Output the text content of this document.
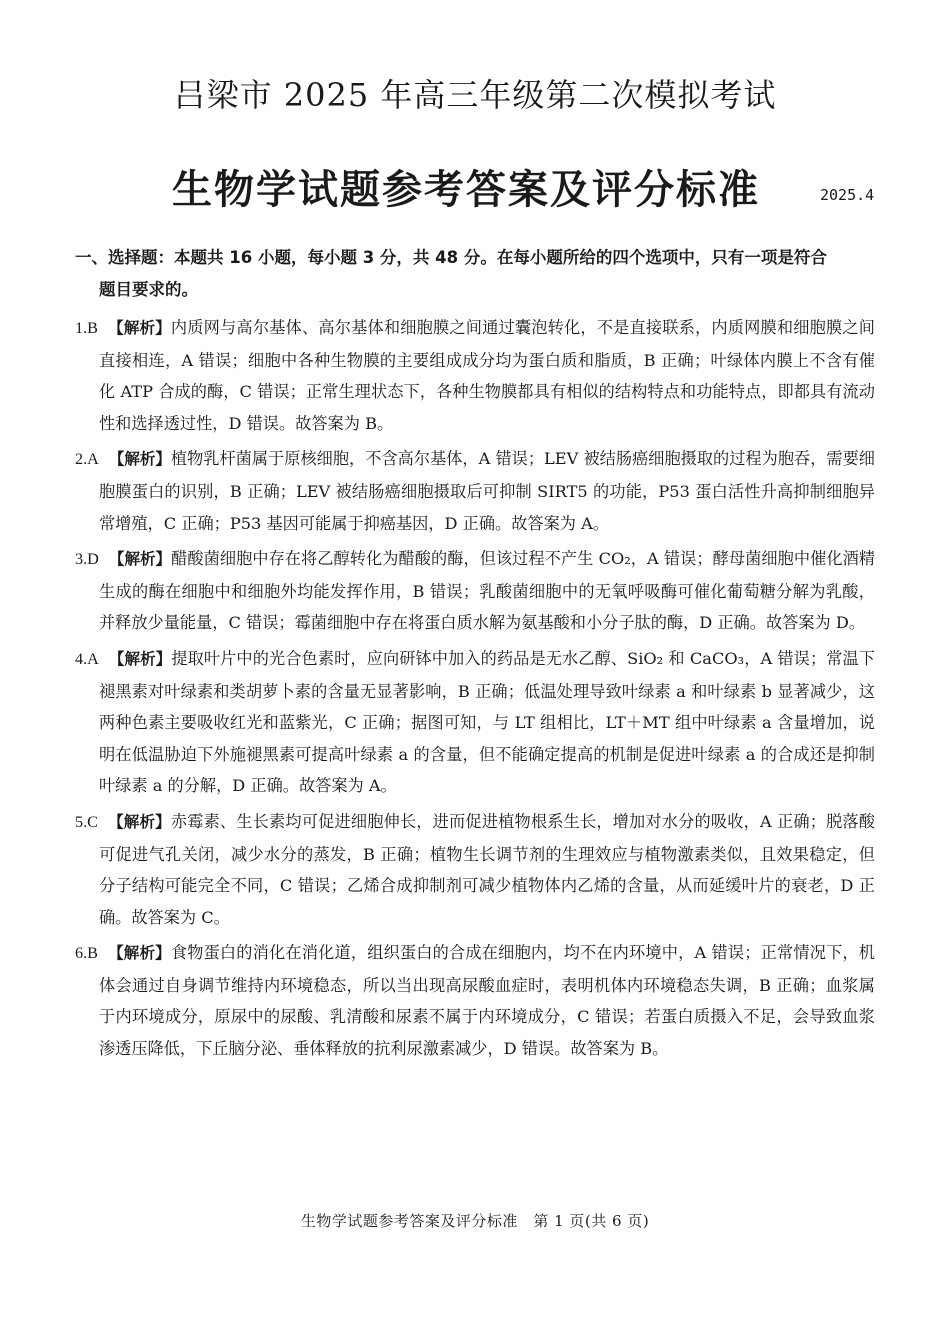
吕梁市 2025 年高三年级第二次模拟考试
生物学试题参考答案及评分标准	2025.4
一、选择题：本题共 16 小题，每小题 3 分，共 48 分。在每小题所给的四个选项中，只有一项是符合
题目要求的。

1.B 【解析】内质网与高尔基体、高尔基体和细胞膜之间通过囊泡转化，不是直接联系，内质网膜和细胞膜之间直接相连，A 错误；细胞中各种生物膜的主要组成成分均为蛋白质和脂质，B 正确；叶绿体内膜上不含有催化 ATP 合成的酶，C 错误；正常生理状态下，各种生物膜都具有相似的结构特点和功能特点，即都具有流动性和选择透过性，D 错误。故答案为 B。

2.A 【解析】植物乳杆菌属于原核细胞，不含高尔基体，A 错误；LEV 被结肠癌细胞摄取的过程为胞吞，需要细胞膜蛋白的识别，B 正确；LEV 被结肠癌细胞摄取后可抑制 SIRT5 的功能，P53 蛋白活性升高抑制细胞异常增殖，C 正确；P53 基因可能属于抑癌基因，D 正确。故答案为 A。

3.D 【解析】醋酸菌细胞中存在将乙醇转化为醋酸的酶，但该过程不产生 CO₂，A 错误；酵母菌细胞中催化酒精生成的酶在细胞中和细胞外均能发挥作用，B 错误；乳酸菌细胞中的无氧呼吸酶可催化葡萄糖分解为乳酸，并释放少量能量，C 错误；霉菌细胞中存在将蛋白质水解为氨基酸和小分子肽的酶，D 正确。故答案为 D。

4.A 【解析】提取叶片中的光合色素时，应向研钵中加入的药品是无水乙醇、SiO₂ 和 CaCO₃，A 错误；常温下褪黑素对叶绿素和类胡萝卜素的含量无显著影响，B 正确；低温处理导致叶绿素 a 和叶绿素 b 显著减少，这两种色素主要吸收红光和蓝紫光，C 正确；据图可知，与 LT 组相比，LT＋MT 组中叶绿素 a 含量增加，说明在低温胁迫下外施褪黑素可提高叶绿素 a 的含量，但不能确定提高的机制是促进叶绿素 a 的合成还是抑制叶绿素 a 的分解，D 正确。故答案为 A。

5.C 【解析】赤霉素、生长素均可促进细胞伸长，进而促进植物根系生长，增加对水分的吸收，A 正确；脱落酸可促进气孔关闭，减少水分的蒸发，B 正确；植物生长调节剂的生理效应与植物激素类似，且效果稳定，但分子结构可能完全不同，C 错误；乙烯合成抑制剂可减少植物体内乙烯的含量，从而延缓叶片的衰老，D 正确。故答案为 C。

6.B 【解析】食物蛋白的消化在消化道，组织蛋白的合成在细胞内，均不在内环境中，A 错误；正常情况下，机体会通过自身调节维持内环境稳态，所以当出现高尿酸血症时，表明机体内环境稳态失调，B 正确；血浆属于内环境成分，原尿中的尿酸、乳清酸和尿素不属于内环境成分，C 错误；若蛋白质摄入不足，会导致血浆渗透压降低，下丘脑分泌、垂体释放的抗利尿激素减少，D 错误。故答案为 B。

生物学试题参考答案及评分标准　第 1 页(共 6 页)
